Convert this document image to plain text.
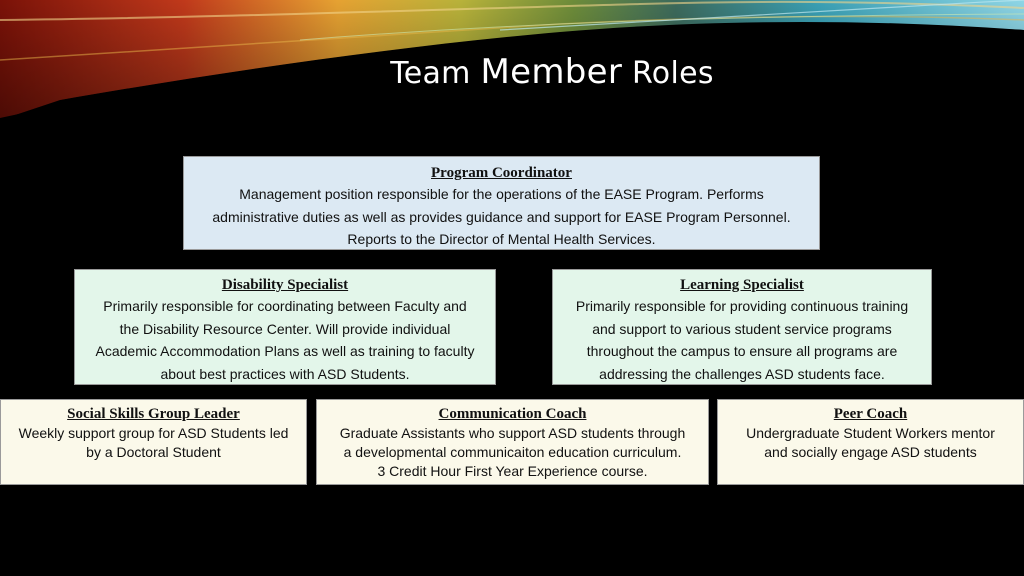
Team Member Roles
Program Coordinator
Management position responsible for the operations of the EASE Program. Performs
administrative duties as well as provides guidance and support for EASE Program Personnel.
Reports to the Director of Mental Health Services.
Disability Specialist
Primarily responsible for coordinating between Faculty and
the Disability Resource Center. Will provide individual
Academic Accommodation Plans as well as training to faculty
about best practices with ASD Students.
Learning Specialist
Primarily responsible for providing continuous training
and support to various student service programs
throughout the campus to ensure all programs are
addressing the challenges ASD students face.
Social Skills Group Leader
Weekly support group for ASD Students led
by a Doctoral Student
Communication Coach
Graduate Assistants who support ASD students through
a developmental communicaiton education curriculum.
3 Credit Hour First Year Experience course.
Peer Coach
Undergraduate Student Workers mentor
and socially engage ASD students
